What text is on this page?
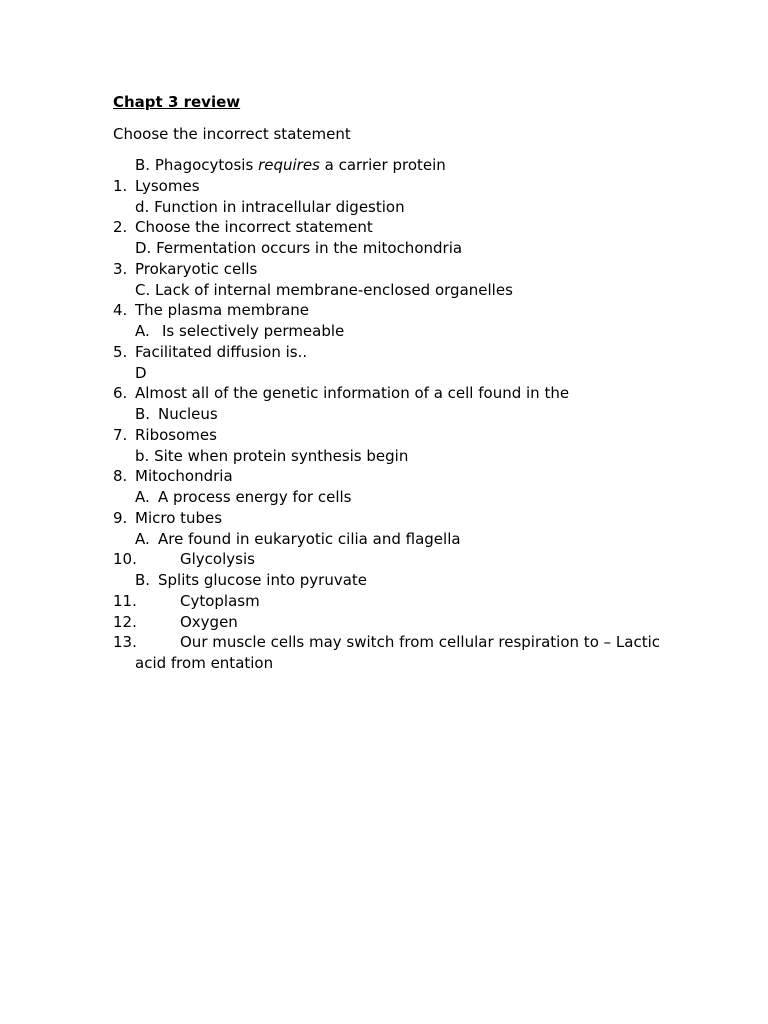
Chapt 3 review
Choose the incorrect statement
B. Phagocytosis requires a carrier protein
1. Lysomes
d. Function in intracellular digestion
2. Choose the incorrect statement
D. Fermentation occurs in the mitochondria
3. Prokaryotic cells
C. Lack of internal membrane-enclosed organelles
4. The plasma membrane
A. Is selectively permeable
5. Facilitated diffusion is..
D
6. Almost all of the genetic information of a cell found in the
B. Nucleus
7. Ribosomes
b. Site when protein synthesis begin
8. Mitochondria
A. A process energy for cells
9. Micro tubes
A. Are found in eukaryotic cilia and flagella
10.	Glycolysis
B. Splits glucose into pyruvate
11.	Cytoplasm
12.	Oxygen
13.	Our muscle cells may switch from cellular respiration to – Lactic
acid from entation
